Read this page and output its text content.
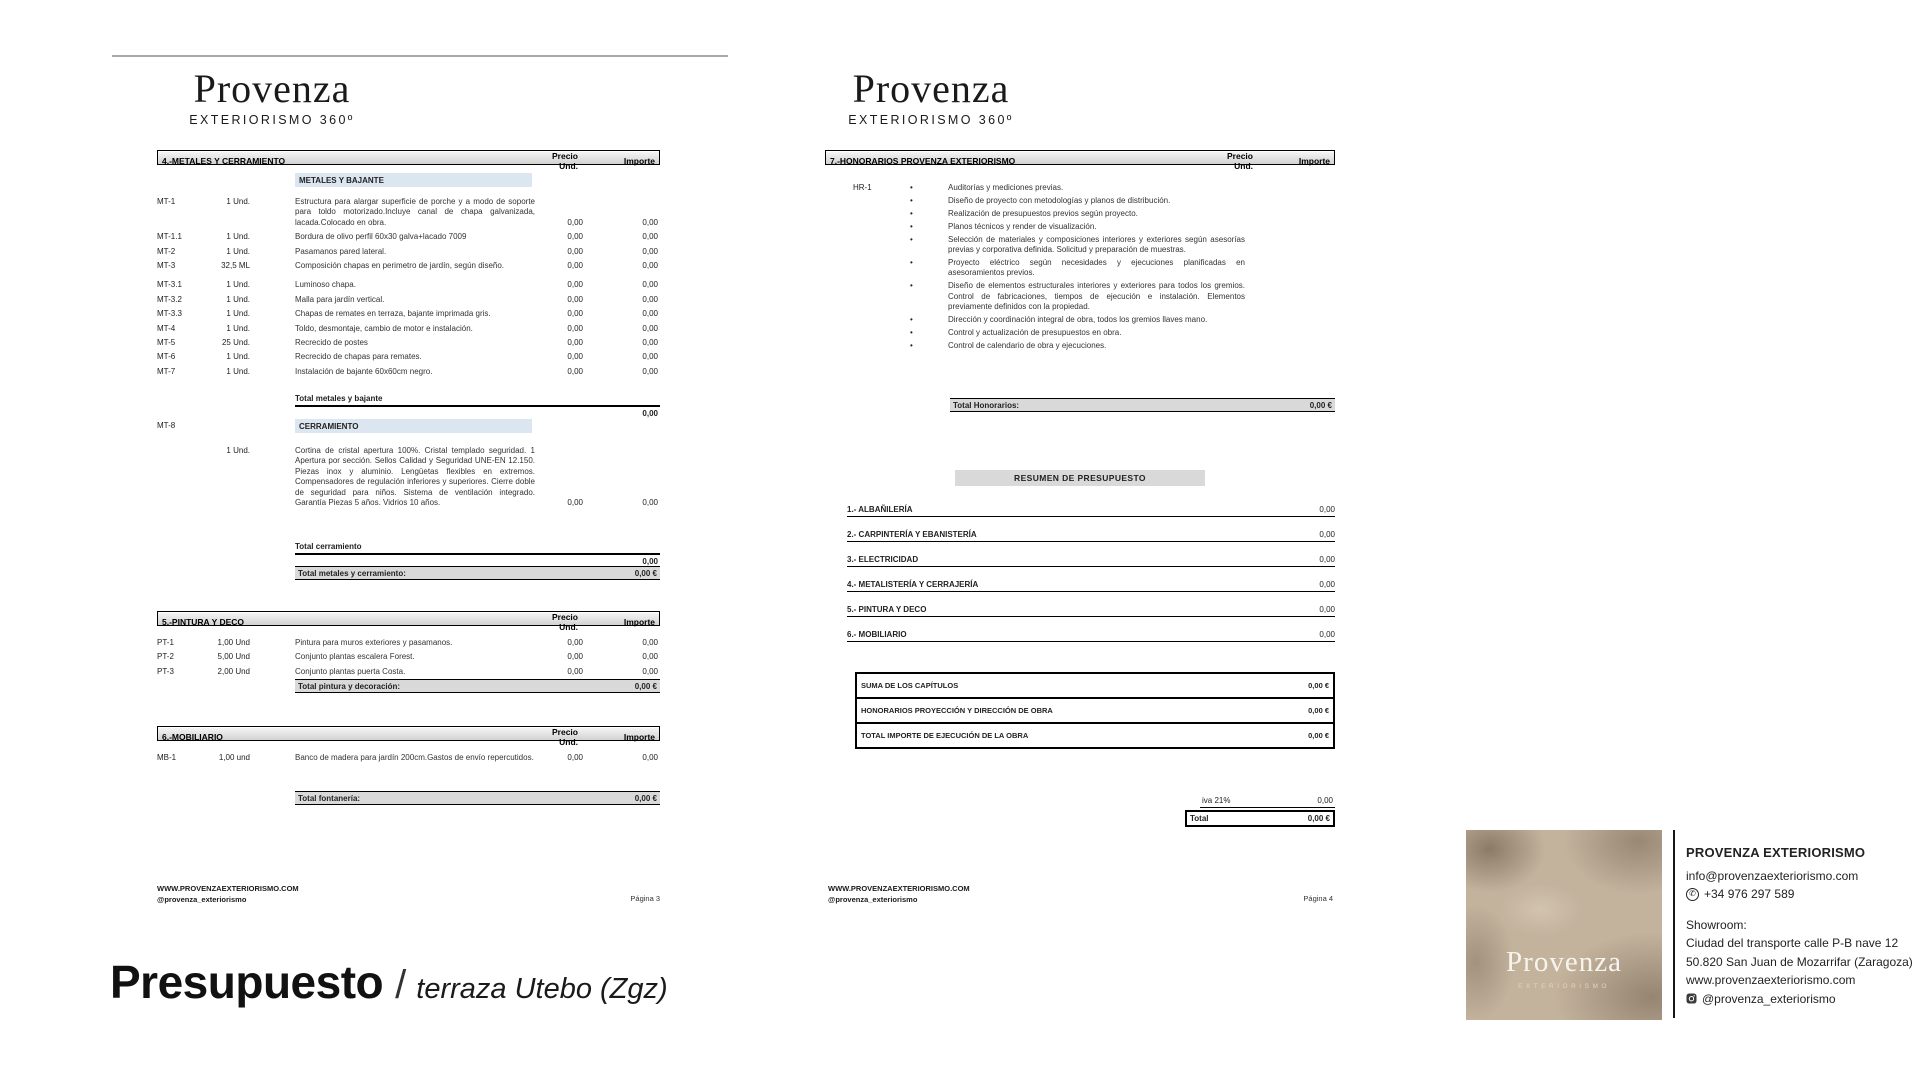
Provenza
EXTERIORISMO 360º
4.-METALES Y CERRAMIENTO	Precio Und.	Importe
METALES Y BAJANTE
MT-1	1 Und.	Estructura para alargar superficie de porche y a modo de soporte para toldo motorizado.Incluye canal de chapa galvanizada, lacada.Colocado en obra.	0,00	0,00
MT-1.1	1 Und.	Bordura de olivo perfil 60x30 galva+lacado 7009	0,00	0,00
MT-2	1 Und.	Pasamanos pared lateral.	0,00	0,00
MT-3	32,5 ML	Composición chapas en perimetro de jardín, según diseño.	0,00	0,00
MT-3.1	1 Und.	Luminoso chapa.	0,00	0,00
MT-3.2	1 Und.	Malla para jardín vertical.	0,00	0,00
MT-3.3	1 Und.	Chapas de remates en terraza, bajante imprimada gris.	0,00	0,00
MT-4	1 Und.	Toldo, desmontaje, cambio de motor e instalación.	0,00	0,00
MT-5	25 Und.	Recrecido de postes	0,00	0,00
MT-6	1 Und.	Recrecido de chapas para remates.	0,00	0,00
MT-7	1 Und.	Instalación de bajante 60x60cm negro.	0,00	0,00
Total metales y bajante
0,00
MT-8	CERRAMIENTO
1 Und.	Cortina de cristal apertura 100%. Cristal templado seguridad. 1 Apertura por sección. Sellos Calidad y Seguridad UNE-EN 12.150. Piezas inox y aluminio. Lengüetas flexibles en extremos. Compensadores de regulación inferiores y superiores. Cierre doble de seguridad para niños. Sistema de ventilación integrado. Garantía Piezas 5 años. Vidrios 10 años.	0,00	0,00
Total cerramiento
0,00
Total metales y cerramiento:	0,00 €
5.-PINTURA Y DECO	Precio Und.	Importe
PT-1	1,00 Und	Pintura para muros exteriores y pasamanos.	0,00	0,00
PT-2	5,00 Und	Conjunto plantas escalera Forest.	0,00	0,00
PT-3	2,00 Und	Conjunto plantas puerta Costa.	0,00	0,00
Total pintura y decoración:	0,00 €
6.-MOBILIARIO	Precio Und.	Importe
MB-1	1,00 und	Banco de madera para jardín 200cm.Gastos de envío repercutidos.	0,00	0,00
Total fontanería:	0,00 €
WWW.PROVENZAEXTERIORISMO.COM
@provenza_exteriorismo	Página 3
Provenza
EXTERIORISMO 360º
7.-HONORARIOS PROVENZA EXTERIORISMO	Precio Und.	Importe
HR-1	•	Auditorías y mediciones previas.
•	Diseño de proyecto con metodologías y planos de distribución.
•	Realización de presupuestos previos según proyecto.
•	Planos técnicos y render de visualización.
•	Selección de materiales y composiciones interiores y exteriores según asesorías previas y corporativa definida. Solicitud y preparación de muestras.
•	Proyecto eléctrico según necesidades y ejecuciones planificadas en asesoramientos previos.
•	Diseño de elementos estructurales interiores y exteriores para todos los gremios. Control de fabricaciones, tiempos de ejecución e instalación. Elementos previamente definidos con la propiedad.
•	Dirección y coordinación integral de obra, todos los gremios llaves mano.
•	Control y actualización de presupuestos en obra.
•	Control de calendario de obra y ejecuciones.
Total Honorarios:	0,00 €
RESUMEN DE PRESUPUESTO
1.- ALBAÑILERÍA	0,00
2.- CARPINTERÍA Y EBANISTERÍA	0,00
3.- ELECTRICIDAD	0,00
4.- METALISTERÍA Y CERRAJERÍA	0,00
5.- PINTURA Y DECO	0,00
6.- MOBILIARIO	0,00
SUMA DE LOS CAPÍTULOS	0,00 €
HONORARIOS PROYECCIÓN Y DIRECCIÓN DE OBRA	0,00 €
TOTAL IMPORTE DE EJECUCIÓN DE LA OBRA	0,00 €
iva 21%	0,00
Total	0,00 €
WWW.PROVENZAEXTERIORISMO.COM
@provenza_exteriorismo	Página 4
Presupuesto / terraza Utebo (Zgz)
Provenza
EXTERIORISMO
PROVENZA EXTERIORISMO
info@provenzaexteriorismo.com
✆ +34 976 297 589
Showroom:
Ciudad del transporte calle P-B nave 12
50.820 San Juan de Mozarrifar (Zaragoza)
www.provenzaexteriorismo.com
@provenza_exteriorismo
